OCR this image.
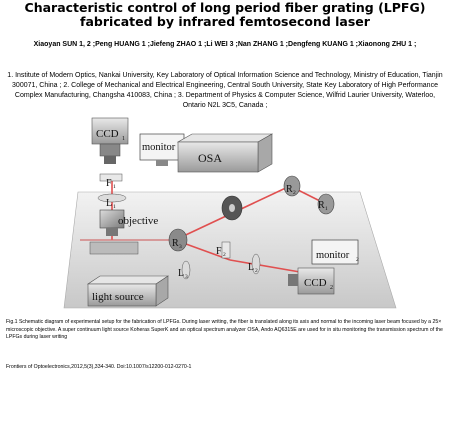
Characteristic control of long period fiber grating (LPFG) fabricated by infrared femtosecond laser
Xiaoyan SUN 1, 2 ;Peng HUANG 1 ;Jiefeng ZHAO 1 ;Li WEI 3 ;Nan ZHANG 1 ;Dengfeng KUANG 1 ;Xiaonong ZHU 1 ;
1. Institute of Modern Optics, Nankai University, Key Laboratory of Optical Information Science and Technology, Ministry of Education, Tianjin 300071, China ; 2. College of Mechanical and Electrical Engineering, Central South University, State Key Laboratory of High Performance Complex Manufacturing, Changsha 410083, China ; 3. Department of Physics & Computer Science, Wilfrid Laurier University, Waterloo, Ontario N2L 3C5, Canada ;
CCD 1
monitor
OSA
F 1
L 1
objective
R 2
R 1
R 3	F 2
L 2
L 3
monitor 2
CCD 2
light source
Fig.1 Schematic diagram of experimental setup for the fabrication of LPFGs. During laser writing, the fiber is translated along its axis and normal to the incoming laser beam focused by a 25× microscopic objective. A super continuum light source Koheras SuperK and an optical spectrum analyzer OSA, Ando AQ6315E are used for in situ monitoring the transmission spectrum of the LPFGs during laser writing
Frontiers of Optoelectronics,2012,5(3),334-340. Doi:10.1007/s12200-012-0270-1
